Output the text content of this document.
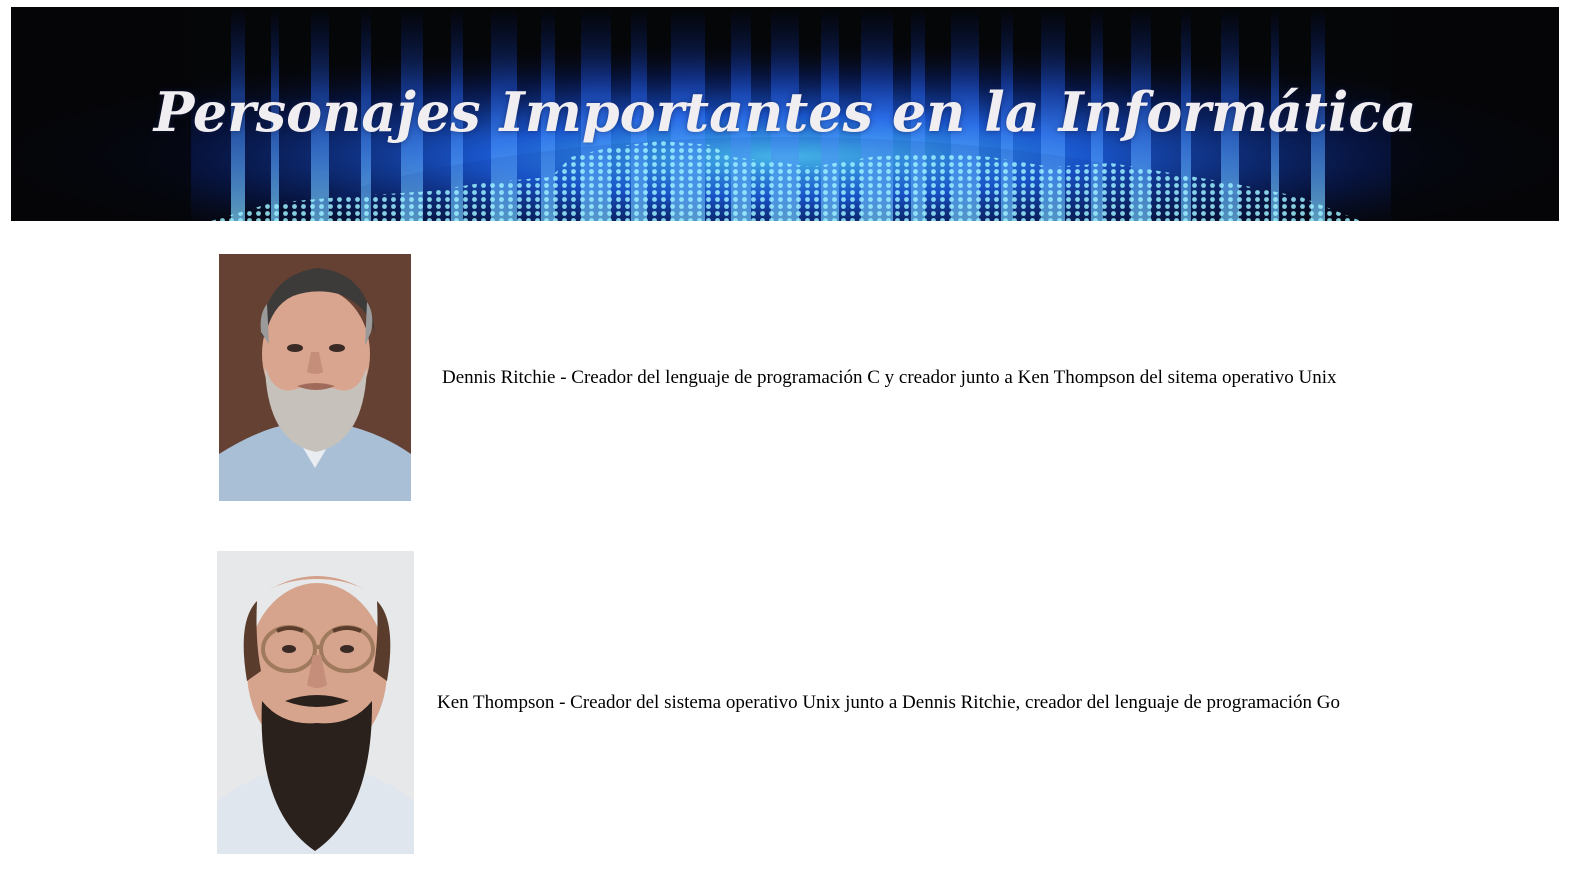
Personajes Importantes en la Informática

Dennis Ritchie - Creador del lenguaje de programación C y creador junto a Ken Thompson del sitema operativo Unix

Ken Thompson - Creador del sistema operativo Unix junto a Dennis Ritchie, creador del lenguaje de programación Go
